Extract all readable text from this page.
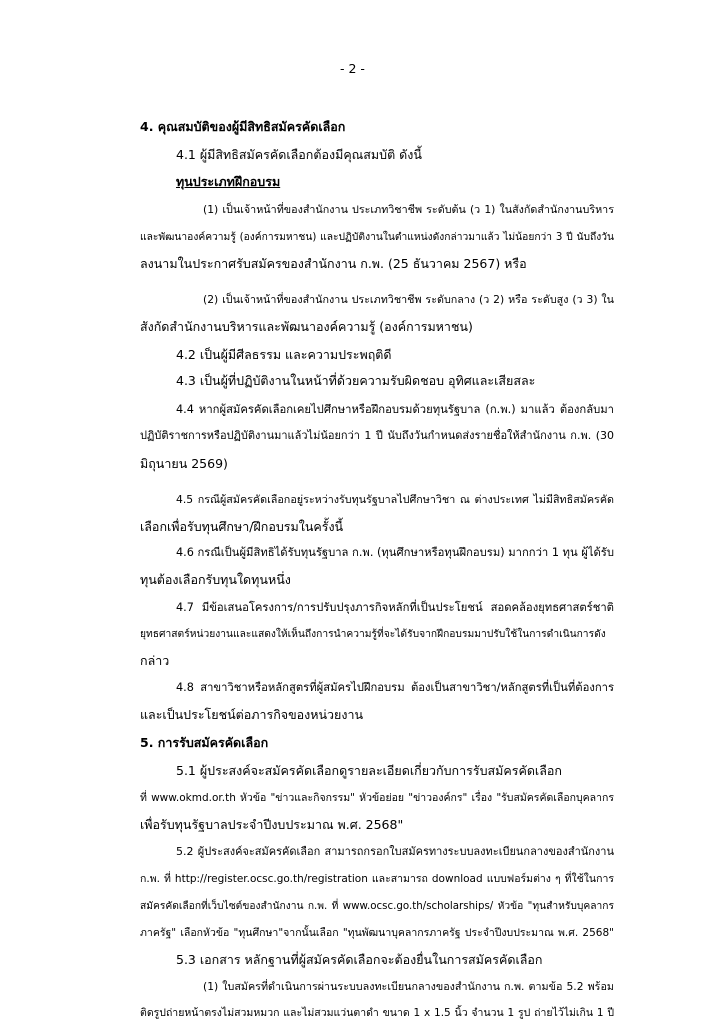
- 2 -
4. คุณสมบัติของผู้มีสิทธิสมัครคัดเลือก
4.1 ผู้มีสิทธิสมัครคัดเลือกต้องมีคุณสมบัติ ดังนี้
ทุนประเภทฝึกอบรม
(1) เป็นเจ้าหน้าที่ของสำนักงาน ประเภทวิชาชีพ ระดับต้น (ว 1) ในสังกัดสำนักงานบริหาร
และพัฒนาองค์ความรู้ (องค์การมหาชน) และปฏิบัติงานในตำแหน่งดังกล่าวมาแล้ว ไม่น้อยกว่า 3 ปี นับถึงวัน
ลงนามในประกาศรับสมัครของสำนักงาน ก.พ. (25 ธันวาคม 2567) หรือ
(2) เป็นเจ้าหน้าที่ของสำนักงาน ประเภทวิชาชีพ ระดับกลาง (ว 2) หรือ ระดับสูง (ว 3) ใน
สังกัดสำนักงานบริหารและพัฒนาองค์ความรู้ (องค์การมหาชน)
4.2 เป็นผู้มีศีลธรรม และความประพฤติดี
4.3 เป็นผู้ที่ปฏิบัติงานในหน้าที่ด้วยความรับผิดชอบ อุทิศและเสียสละ
4.4 หากผู้สมัครคัดเลือกเคยไปศึกษาหรือฝึกอบรมด้วยทุนรัฐบาล (ก.พ.) มาแล้ว ต้องกลับมา
ปฏิบัติราชการหรือปฏิบัติงานมาแล้วไม่น้อยกว่า 1 ปี นับถึงวันกำหนดส่งรายชื่อให้สำนักงาน ก.พ. (30
มิถุนายน 2569)
4.5 กรณีผู้สมัครคัดเลือกอยู่ระหว่างรับทุนรัฐบาลไปศึกษาวิชา ณ ต่างประเทศ ไม่มีสิทธิสมัครคัด
เลือกเพื่อรับทุนศึกษา/ฝึกอบรมในครั้งนี้
4.6 กรณีเป็นผู้มีสิทธิได้รับทุนรัฐบาล ก.พ. (ทุนศึกษาหรือทุนฝึกอบรม) มากกว่า 1 ทุน ผู้ได้รับ
ทุนต้องเลือกรับทุนใดทุนหนึ่ง
4.7 มีข้อเสนอโครงการ/การปรับปรุงภารกิจหลักที่เป็นประโยชน์ สอดคล้องยุทธศาสตร์ชาติ
ยุทธศาสตร์หน่วยงานและแสดงให้เห็นถึงการนำความรู้ที่จะได้รับจากฝึกอบรมมาปรับใช้ในการดำเนินการดัง
กล่าว
4.8 สาขาวิชาหรือหลักสูตรที่ผู้สมัครไปฝึกอบรม ต้องเป็นสาขาวิชา/หลักสูตรที่เป็นที่ต้องการ
และเป็นประโยชน์ต่อภารกิจของหน่วยงาน
5. การรับสมัครคัดเลือก
5.1 ผู้ประสงค์จะสมัครคัดเลือกดูรายละเอียดเกี่ยวกับการรับสมัครคัดเลือก
ที่ www.okmd.or.th หัวข้อ "ข่าวและกิจกรรม" หัวข้อย่อย "ข่าวองค์กร" เรื่อง "รับสมัครคัดเลือกบุคลากร
เพื่อรับทุนรัฐบาลประจำปีงบประมาณ พ.ศ. 2568"
5.2 ผู้ประสงค์จะสมัครคัดเลือก สามารถกรอกใบสมัครทางระบบลงทะเบียนกลางของสำนักงาน
ก.พ. ที่ http://register.ocsc.go.th/registration และสามารถ download แบบฟอร์มต่าง ๆ ที่ใช้ในการ
สมัครคัดเลือกที่เว็บไซต์ของสำนักงาน ก.พ. ที่ www.ocsc.go.th/scholarships/ หัวข้อ "ทุนสำหรับบุคลากร
ภาครัฐ" เลือกหัวข้อ "ทุนศึกษา"จากนั้นเลือก "ทุนพัฒนาบุคลากรภาครัฐ ประจำปีงบประมาณ พ.ศ. 2568"
5.3 เอกสาร หลักฐานที่ผู้สมัครคัดเลือกจะต้องยื่นในการสมัครคัดเลือก
(1) ใบสมัครที่ดำเนินการผ่านระบบลงทะเบียนกลางของสำนักงาน ก.พ. ตามข้อ 5.2 พร้อม
ติดรูปถ่ายหน้าตรงไม่สวมหมวก และไม่สวมแว่นตาดำ ขนาด 1 x 1.5 นิ้ว จำนวน 1 รูป ถ่ายไว้ไม่เกิน 1 ปี
